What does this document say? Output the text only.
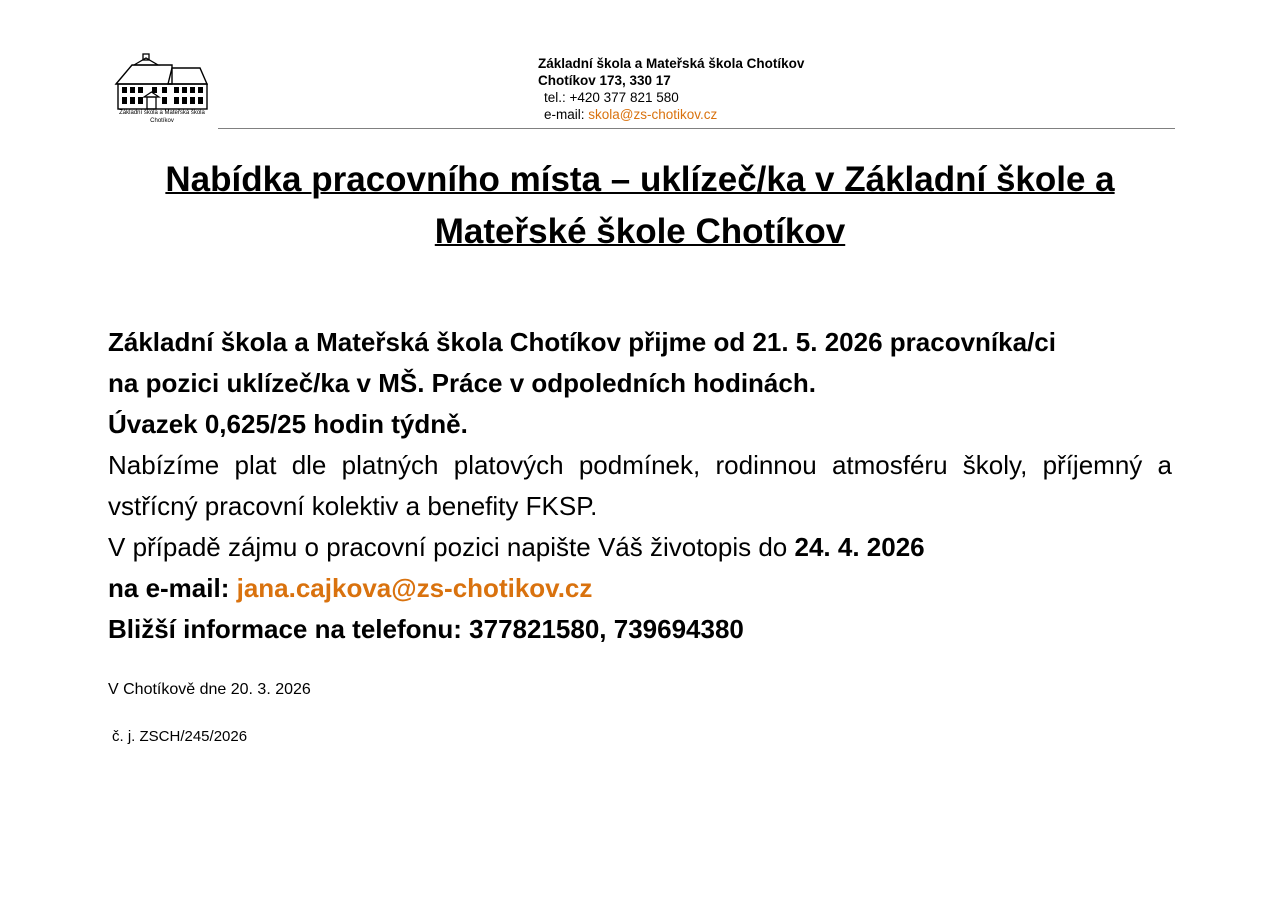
Základní škola a Mateřská škola
Chotíkov
Základní škola a Mateřská škola Chotíkov
Chotíkov 173, 330 17
tel.: +420 377 821 580
e-mail: skola@zs-chotikov.cz
Nabídka pracovního místa – uklízeč/ka v Základní škole a
Mateřské škole Chotíkov
Základní škola a Mateřská škola Chotíkov přijme od 21. 5. 2026 pracovníka/ci
na pozici uklízeč/ka v MŠ. Práce v odpoledních hodinách.
Úvazek 0,625/25 hodin týdně.
Nabízíme plat dle platných platových podmínek, rodinnou atmosféru školy, příjemný a vstřícný pracovní kolektiv a benefity FKSP.
V případě zájmu o pracovní pozici napište Váš životopis do 24. 4. 2026
na e-mail: jana.cajkova@zs-chotikov.cz
Bližší informace na telefonu: 377821580, 739694380
V Chotíkově dne 20. 3. 2026
č. j. ZSCH/245/2026
